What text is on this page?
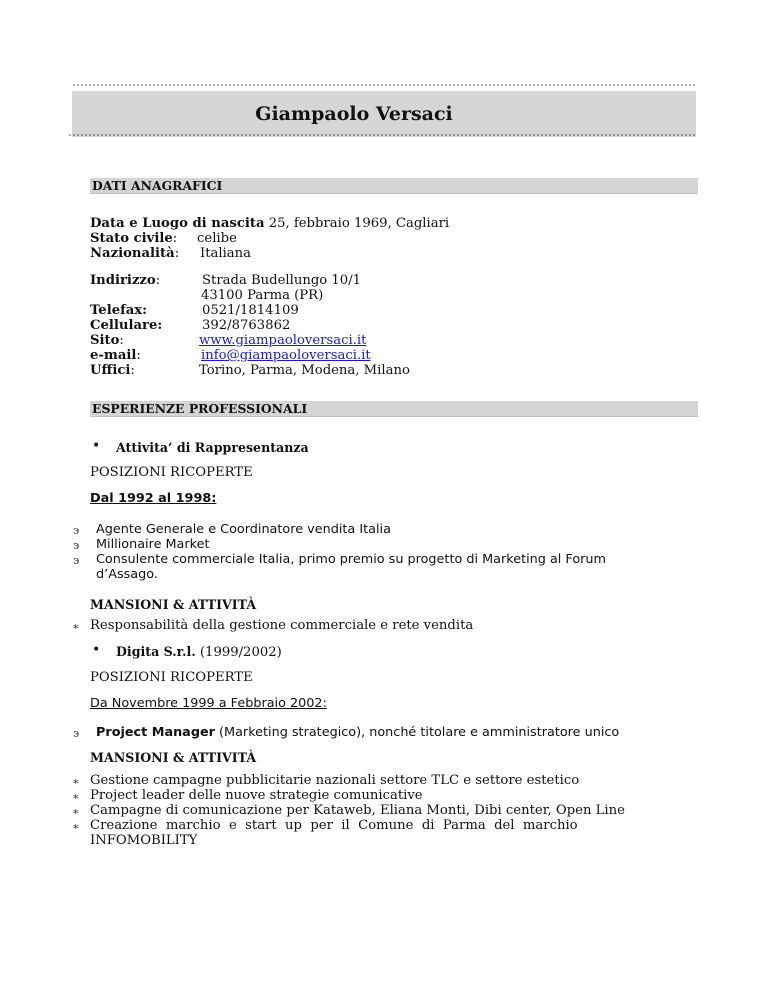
Giampaolo Versaci
DATI ANAGRAFICI
Data e Luogo di nascita 25, febbraio 1969, Cagliari
Stato civile: celibe
Nazionalità: Italiana
Indirizzo:	Strada Budellungo 10/1
43100 Parma (PR)
Telefax:	0521/1814109
Cellulare:	392/8763862
Sito:	www.giampaoloversaci.it
e-mail:	info@giampaoloversaci.it
Uffici:	Torino, Parma, Modena, Milano
ESPERIENZE PROFESSIONALI
• Attivita’ di Rappresentanza
POSIZIONI RICOPERTE
Dal 1992 al 1998:
϶ Agente Generale e Coordinatore vendita Italia
϶ Millionaire Market
϶ Consulente commerciale Italia, primo premio su progetto di Marketing al Forum
d’Assago.
MANSIONI & ATTIVITÀ
∗ Responsabilità della gestione commerciale e rete vendita
• Digita S.r.l. (1999/2002)
POSIZIONI RICOPERTE
Da Novembre 1999 a Febbraio 2002:
϶ Project Manager (Marketing strategico), nonché titolare e amministratore unico
MANSIONI & ATTIVITÀ
∗ Gestione campagne pubblicitarie nazionali settore TLC e settore estetico
∗ Project leader delle nuove strategie comunicative
∗ Campagne di comunicazione per Kataweb, Eliana Monti, Dibi center, Open Line
∗ Creazione  marchio  e  start  up  per  il  Comune  di  Parma  del  marchio
INFOMOBILITY
